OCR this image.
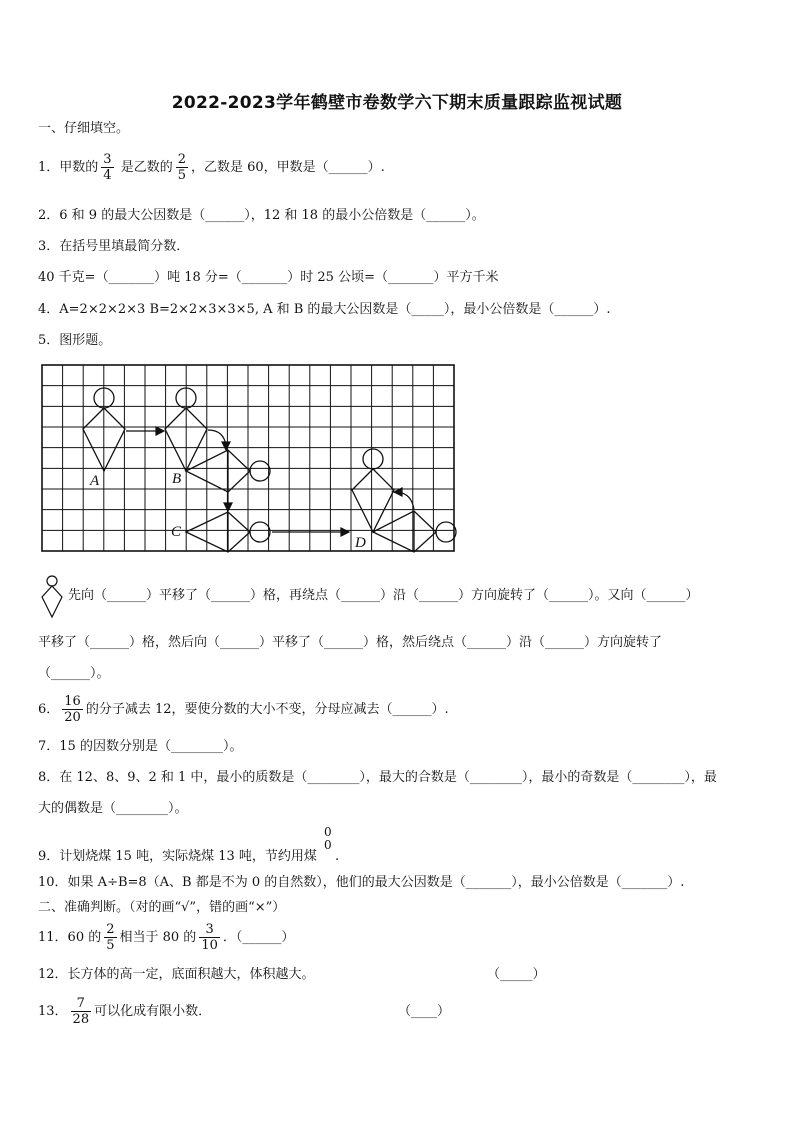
2022-2023学年鹤壁市卷数学六下期末质量跟踪监视试题
一、仔细填空。
1．甲数的 $\frac{3}{4}$ 是乙数的 $\frac{2}{5}$ ，乙数是 60，甲数是（______）.
2．6 和 9 的最大公因数是（______），12 和 18 的最小公倍数是（______）。
3．在括号里填最简分数．
40 千克=（_______）吨 18 分=（_______）时 25 公顷=（_______）平方千米
4．A=2×2×2×3 B=2×2×3×3×5, A 和 B 的最大公因数是（_____），最小公倍数是（______）.
5．图形题。
A	B
C
D
先向（______）平移了（______）格，再绕点（______）沿（______）方向旋转了（______）。又向（______）
平移了（______）格，然后向（______）平移了（______）格，然后绕点（______）沿（______）方向旋转了
（______）。
6． $\frac{16}{20}$ 的分子减去 12，要使分数的大小不变，分母应减去（______）.
7．15 的因数分别是（________）。
8．在 12、8、9、2 和 1 中，最小的质数是（________），最大的合数是（________），最小的奇数是（________），最
大的偶数是（________）。
9．计划烧煤 15 吨，实际烧煤 13 吨，节约用煤
0
0
.
10．如果 A÷B=8（A、B 都是不为 0 的自然数），他们的最大公因数是（_______），最小公倍数是（_______）.
二、准确判断。（对的画“√”，错的画“×”）
11．60 的 $\frac{2}{5}$ 相当于 80 的 $\frac{3}{10}$ ．（______）
12．长方体的高一定，底面积越大，体积越大。	（_____）
13． $\frac{7}{28}$ 可以化成有限小数．	（____）
